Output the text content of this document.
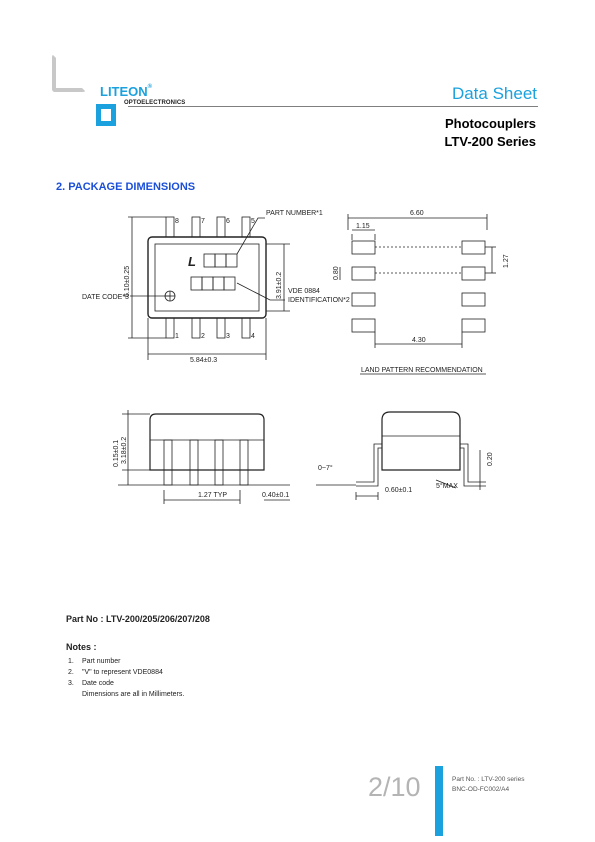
LITEON®
OPTOELECTRONICS	Data Sheet
Photocouplers
LTV-200 Series
2. PACKAGE DIMENSIONS
8	7	6	5
1	2	3	4
L
PART NUMBER*1
DATE CODE*3
VDE 0884
IDENTIFICATION*2
6.10±0.25
5.84±0.3
3.91±0.2
6.60
1.15
0.80
1.27
4.30
LAND PATTERN RECOMMENDATION
0.15±0.1 3.18±0.2
1.27 TYP	0.40±0.1
0~7°
0.60±0.1
5°MAX
0.20
Part No : LTV-200/205/206/207/208
Notes :
1.	Part number
2.	"V" to represent VDE0884
3.	Date code
Dimensions are all in Millimeters.
2/10	Part No. : LTV-200 series
BNC-OD-FC002/A4
